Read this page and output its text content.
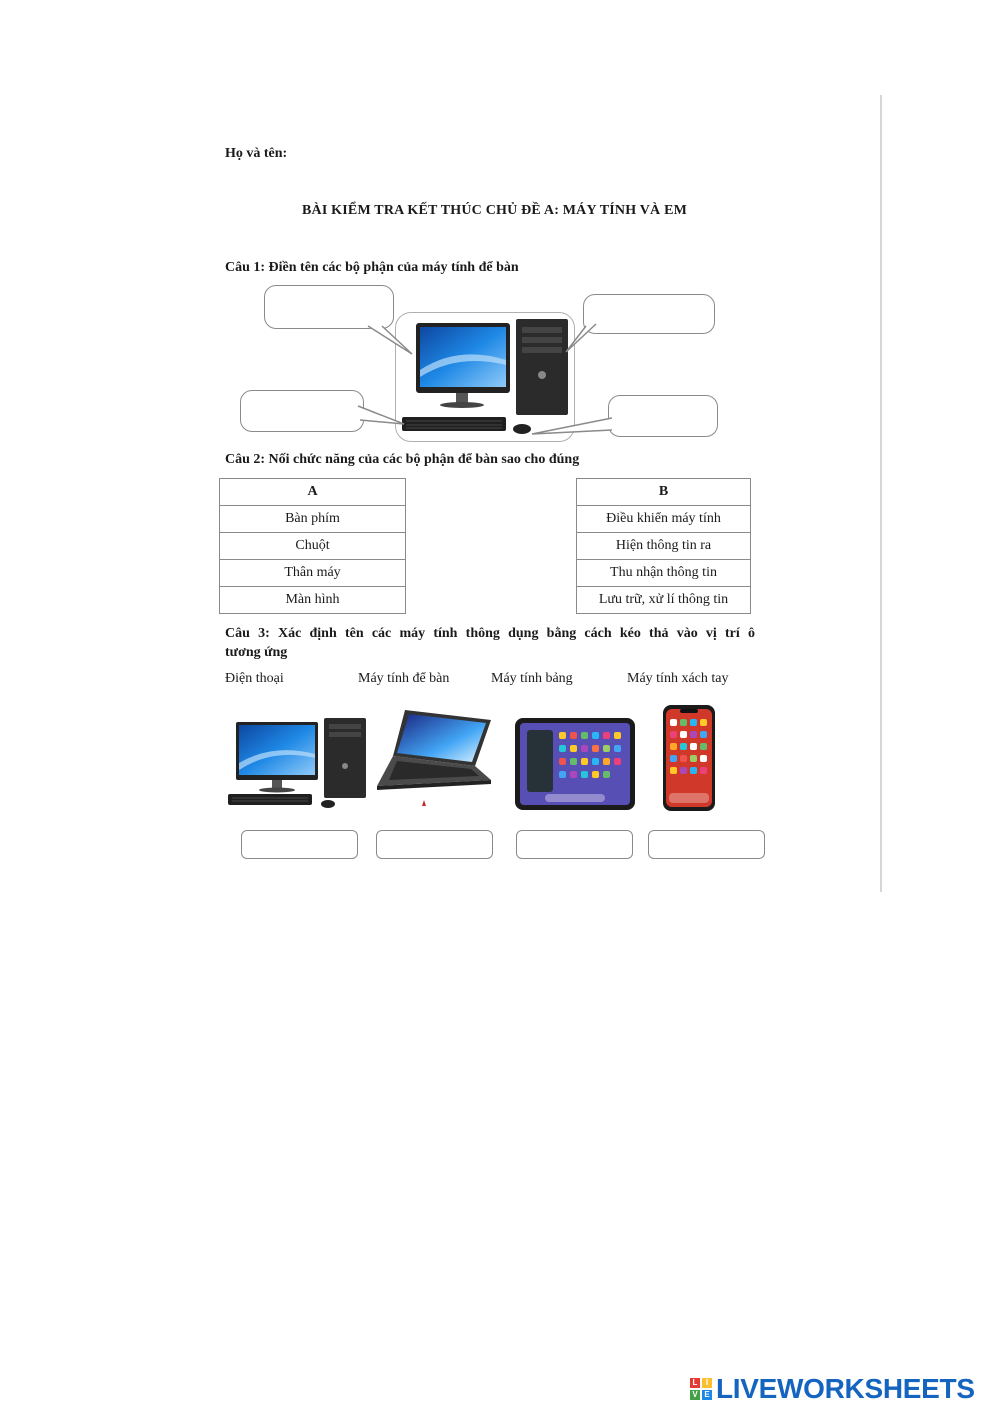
Họ và tên:
BÀI KIỂM TRA KẾT THÚC CHỦ ĐỀ A: MÁY TÍNH VÀ EM
Câu 1: Điền tên các bộ phận của máy tính để bàn
Câu 2: Nối chức năng của các bộ phận để bàn sao cho đúng
A
Bàn phím
Chuột
Thân máy
Màn hình
B
Điều khiển máy tính
Hiện thông tin ra
Thu nhận thông tin
Lưu trữ, xử lí thông tin
Câu 3: Xác định tên các máy tính thông dụng bằng cách kéo thả vào vị trí ô
tương ứng
Điện thoại	Máy tính để bàn	Máy tính bảng	Máy tính xách tay
L	I
V E LIVEWORKSHEETS
